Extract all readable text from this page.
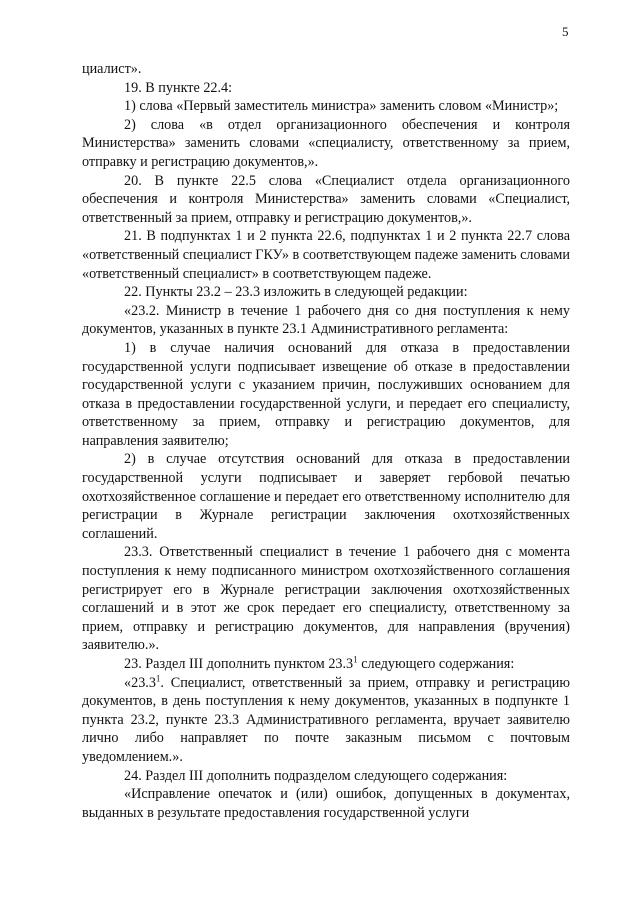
5

циалист».

19. В пункте 22.4:

1) слова «Первый заместитель министра» заменить словом «Министр»;

2) слова «в отдел организационного обеспечения и контроля Министерства» заменить словами «специалисту, ответственному за прием, отправку и регистрацию документов,».

20. В пункте 22.5 слова «Специалист отдела организационного обеспечения и контроля Министерства» заменить словами «Специалист, ответственный за прием, отправку и регистрацию документов,».

21. В подпунктах 1 и 2 пункта 22.6, подпунктах 1 и 2 пункта 22.7 слова «ответственный специалист ГКУ» в соответствующем падеже заменить словами «ответственный специалист» в соответствующем падеже.

22. Пункты 23.2 – 23.3 изложить в следующей редакции:

«23.2. Министр в течение 1 рабочего дня со дня поступления к нему документов, указанных в пункте 23.1 Административного регламента:

1) в случае наличия оснований для отказа в предоставлении государственной услуги подписывает извещение об отказе в предоставлении государственной услуги с указанием причин, послуживших основанием для отказа в предоставлении государственной услуги, и передает его специалисту, ответственному за прием, отправку и регистрацию документов, для направления заявителю;

2) в случае отсутствия оснований для отказа в предоставлении государственной услуги подписывает и заверяет гербовой печатью охотхозяйственное соглашение и передает его ответственному исполнителю для регистрации в Журнале регистрации заключения охотхозяйственных соглашений.

23.3. Ответственный специалист в течение 1 рабочего дня с момента поступления к нему подписанного министром охотхозяйственного соглашения регистрирует его в Журнале регистрации заключения охотхозяйственных соглашений и в этот же срок передает его специалисту, ответственному за прием, отправку и регистрацию документов, для направления (вручения) заявителю.».

23. Раздел III дополнить пунктом 23.3$^1$ следующего содержания:

«23.3$^1$. Специалист, ответственный за прием, отправку и регистрацию документов, в день поступления к нему документов, указанных в подпункте 1 пункта 23.2, пункте 23.3 Административного регламента, вручает заявителю лично либо направляет по почте заказным письмом с почтовым уведомлением.».

24. Раздел III дополнить подразделом следующего содержания:

«Исправление опечаток и (или) ошибок, допущенных в документах, выданных в результате предоставления государственной услуги
